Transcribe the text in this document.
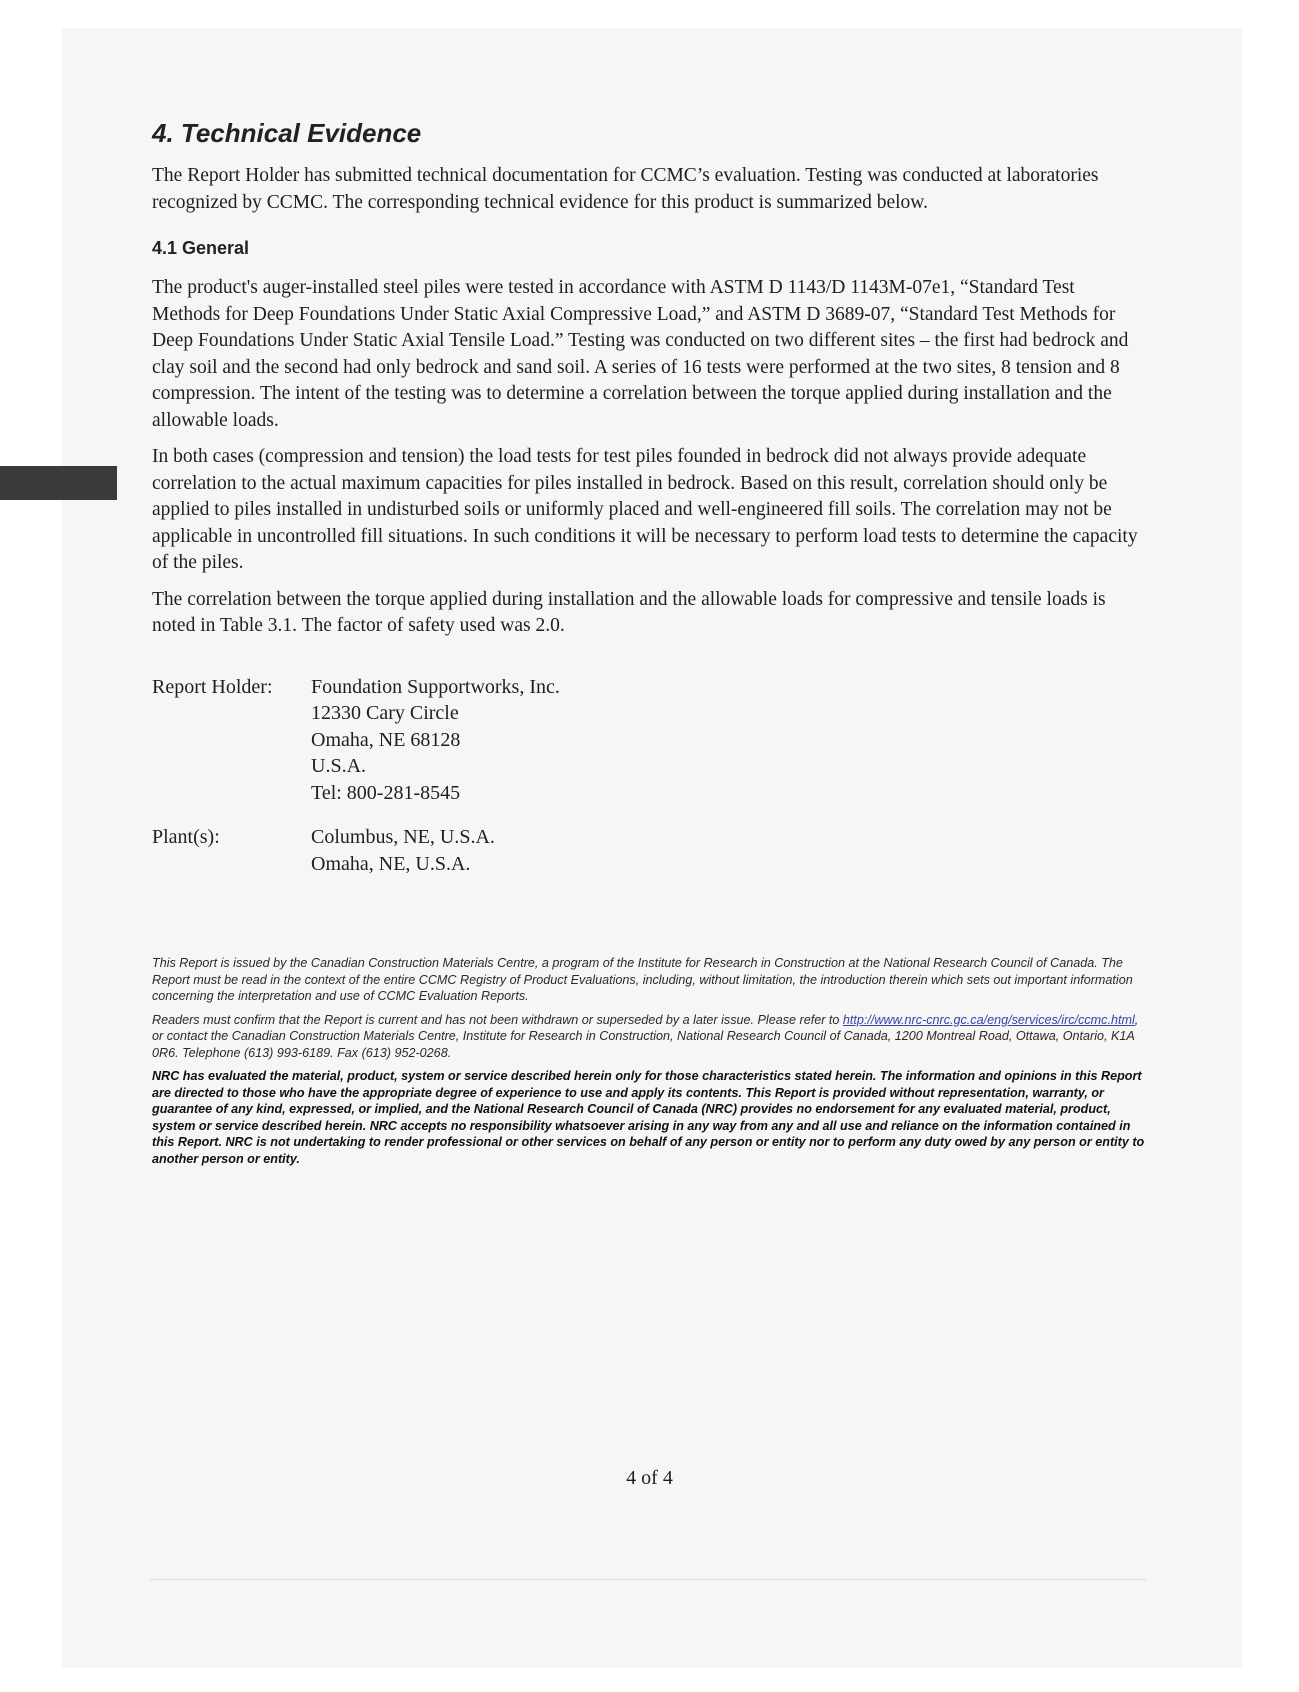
4. Technical Evidence

The Report Holder has submitted technical documentation for CCMC’s evaluation. Testing was conducted at laboratories recognized by CCMC. The corresponding technical evidence for this product is summarized below.

4.1 General

The product's auger-installed steel piles were tested in accordance with ASTM D 1143/D 1143M-07e1, “Standard Test Methods for Deep Foundations Under Static Axial Compressive Load,” and ASTM D 3689-07, “Standard Test Methods for Deep Foundations Under Static Axial Tensile Load.” Testing was conducted on two different sites – the first had bedrock and clay soil and the second had only bedrock and sand soil. A series of 16 tests were performed at the two sites, 8 tension and 8 compression. The intent of the testing was to determine a correlation between the torque applied during installation and the allowable loads.

In both cases (compression and tension) the load tests for test piles founded in bedrock did not always provide adequate correlation to the actual maximum capacities for piles installed in bedrock. Based on this result, correlation should only be applied to piles installed in undisturbed soils or uniformly placed and well-engineered fill soils. The correlation may not be applicable in uncontrolled fill situations. In such conditions it will be necessary to perform load tests to determine the capacity of the piles.

The correlation between the torque applied during installation and the allowable loads for compressive and tensile loads is noted in Table 3.1. The factor of safety used was 2.0.

Report Holder:	Foundation Supportworks, Inc.
12330 Cary Circle
Omaha, NE 68128
U.S.A.
Tel: 800-281-8545
Plant(s):	Columbus, NE, U.S.A.
Omaha, NE, U.S.A.

This Report is issued by the Canadian Construction Materials Centre, a program of the Institute for Research in Construction at the National Research Council of Canada. The Report must be read in the context of the entire CCMC Registry of Product Evaluations, including, without limitation, the introduction therein which sets out important information concerning the interpretation and use of CCMC Evaluation Reports.

Readers must confirm that the Report is current and has not been withdrawn or superseded by a later issue. Please refer to http://www.nrc-cnrc.gc.ca/eng/services/irc/ccmc.html, or contact the Canadian Construction Materials Centre, Institute for Research in Construction, National Research Council of Canada, 1200 Montreal Road, Ottawa, Ontario, K1A 0R6. Telephone (613) 993-6189. Fax (613) 952-0268.

NRC has evaluated the material, product, system or service described herein only for those characteristics stated herein. The information and opinions in this Report are directed to those who have the appropriate degree of experience to use and apply its contents. This Report is provided without representation, warranty, or guarantee of any kind, expressed, or implied, and the National Research Council of Canada (NRC) provides no endorsement for any evaluated material, product, system or service described herein. NRC accepts no responsibility whatsoever arising in any way from any and all use and reliance on the information contained in this Report. NRC is not undertaking to render professional or other services on behalf of any person or entity nor to perform any duty owed by any person or entity to another person or entity.

4 of 4
